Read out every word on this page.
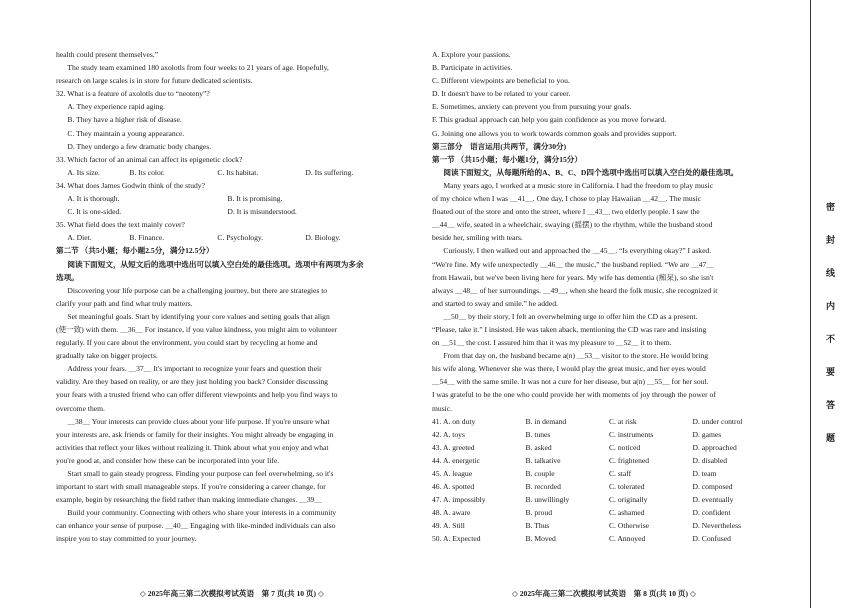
health could present themselves.”

The study team examined 180 axolotls from four weeks to 21 years of age. Hopefully,

research on large scales is in store for future dedicated scientists.

32. What is a feature of axolotls due to “neoteny”?

A. They experience rapid aging.

B. They have a higher risk of disease.

C. They maintain a young appearance.

D. They undergo a few dramatic body changes.

33. Which factor of an animal can affect its epigenetic clock?

A. Its size.	B. Its color.	C. Its habitat.	D. Its suffering.

34. What does James Godwin think of the study?

A. It is thorough.	B. It is promising.
C. It is one-sided.	D. It is misunderstood.

35. What field does the text mainly cover?

A. Diet.	B. Finance.	C. Psychology.	D. Biology.

第二节 （共5小题；每小题2.5分，满分12.5分）

阅读下面短文，从短文后的选项中选出可以填入空白处的最佳选项。选项中有两项为多余

选项。

Discovering your life purpose can be a challenging journey, but there are strategies to

clarify your path and find what truly matters.

Set meaningful goals. Start by identifying your core values and setting goals that align

(使一致) with them. ＿36＿ For instance, if you value kindness, you might aim to volunteer

regularly. If you care about the environment, you could start by recycling at home and

gradually take on bigger projects.

Address your fears. ＿37＿ It's important to recognize your fears and question their

validity. Are they based on reality, or are they just holding you back? Consider discussing

your fears with a trusted friend who can offer different viewpoints and help you find ways to

overcome them.

＿38＿ Your interests can provide clues about your life purpose. If you're unsure what

your interests are, ask friends or family for their insights. You might already be engaging in

activities that reflect your likes without realizing it. Think about what you enjoy and what

you're good at, and consider how these can be incorporated into your life.

Start small to gain steady progress. Finding your purpose can feel overwhelming, so it's

important to start with small manageable steps. If you're considering a career change, for

example, begin by researching the field rather than making immediate changes. ＿39＿

Build your community. Connecting with others who share your interests in a community

can enhance your sense of purpose. ＿40＿ Engaging with like-minded individuals can also

inspire you to stay committed to your journey.

A. Explore your passions.

B. Participate in activities.

C. Different viewpoints are beneficial to you.

D. It doesn't have to be related to your career.

E. Sometimes, anxiety can prevent you from pursuing your goals.

F. This gradual approach can help you gain confidence as you move forward.

G. Joining one allows you to work towards common goals and provides support.

第三部分　语言运用(共两节，满分30分)

第一节 （共15小题；每小题1分，满分15分）

阅读下面短文，从每题所给的A、B、C、D四个选项中选出可以填入空白处的最佳选项。

Many years ago, I worked at a music store in California. I had the freedom to play music

of my choice when I was ＿41＿. One day, I chose to play Hawaiian ＿42＿. The music

floated out of the store and onto the street, where I ＿43＿ two elderly people. I saw the

＿44＿ wife, seated in a wheelchair, swaying (摇摆) to the rhythm, while the husband stood

beside her, smiling with tears.

Curiously, I then walked out and approached the ＿45＿. “Is everything okay?” I asked.

“We're fine. My wife unexpectedly ＿46＿ the music,” the husband replied. “We are ＿47＿

from Hawaii, but we've been living here for years. My wife has dementia (痴呆), so she isn't

always ＿48＿ of her surroundings. ＿49＿, when she heard the folk music, she recognized it

and started to sway and smile.” he added.

＿50＿ by their story, I felt an overwhelming urge to offer him the CD as a present.

“Please, take it.” I insisted. He was taken aback, mentioning the CD was rare and insisting

on ＿51＿ the cost. I assured him that it was my pleasure to ＿52＿ it to them.

From that day on, the husband became a(n) ＿53＿ visitor to the store. He would bring

his wife along. Whenever she was there, I would play the great music, and her eyes would

＿54＿ with the same smile. It was not a cure for her disease, but a(n) ＿55＿ for her soul.

I was grateful to be the one who could provide her with moments of joy through the power of

music.

41. A. on duty	B. in demand	C. at risk	D. under control
42. A. toys	B. tunes	C. instruments	D. games
43. A. greeted	B. asked	C. noticed	D. approached
44. A. energetic	B. talkative	C. frightened	D. disabled
45. A. league	B. couple	C. staff	D. team
46. A. spotted	B. recorded	C. tolerated	D. composed
47. A. impossibly	B. unwillingly	C. originally	D. eventually
48. A. aware	B. proud	C. ashamed	D. confident
49. A. Still	B. Thus	C. Otherwise	D. Nevertheless
50. A. Expected	B. Moved	C. Annoyed	D. Confused
◇ 2025年高三第二次模拟考试英语　第 7 页(共 10 页) ◇	◇ 2025年高三第二次模拟考试英语　第 8 页(共 10 页) ◇
密
封
线
内
不
要
答
题
